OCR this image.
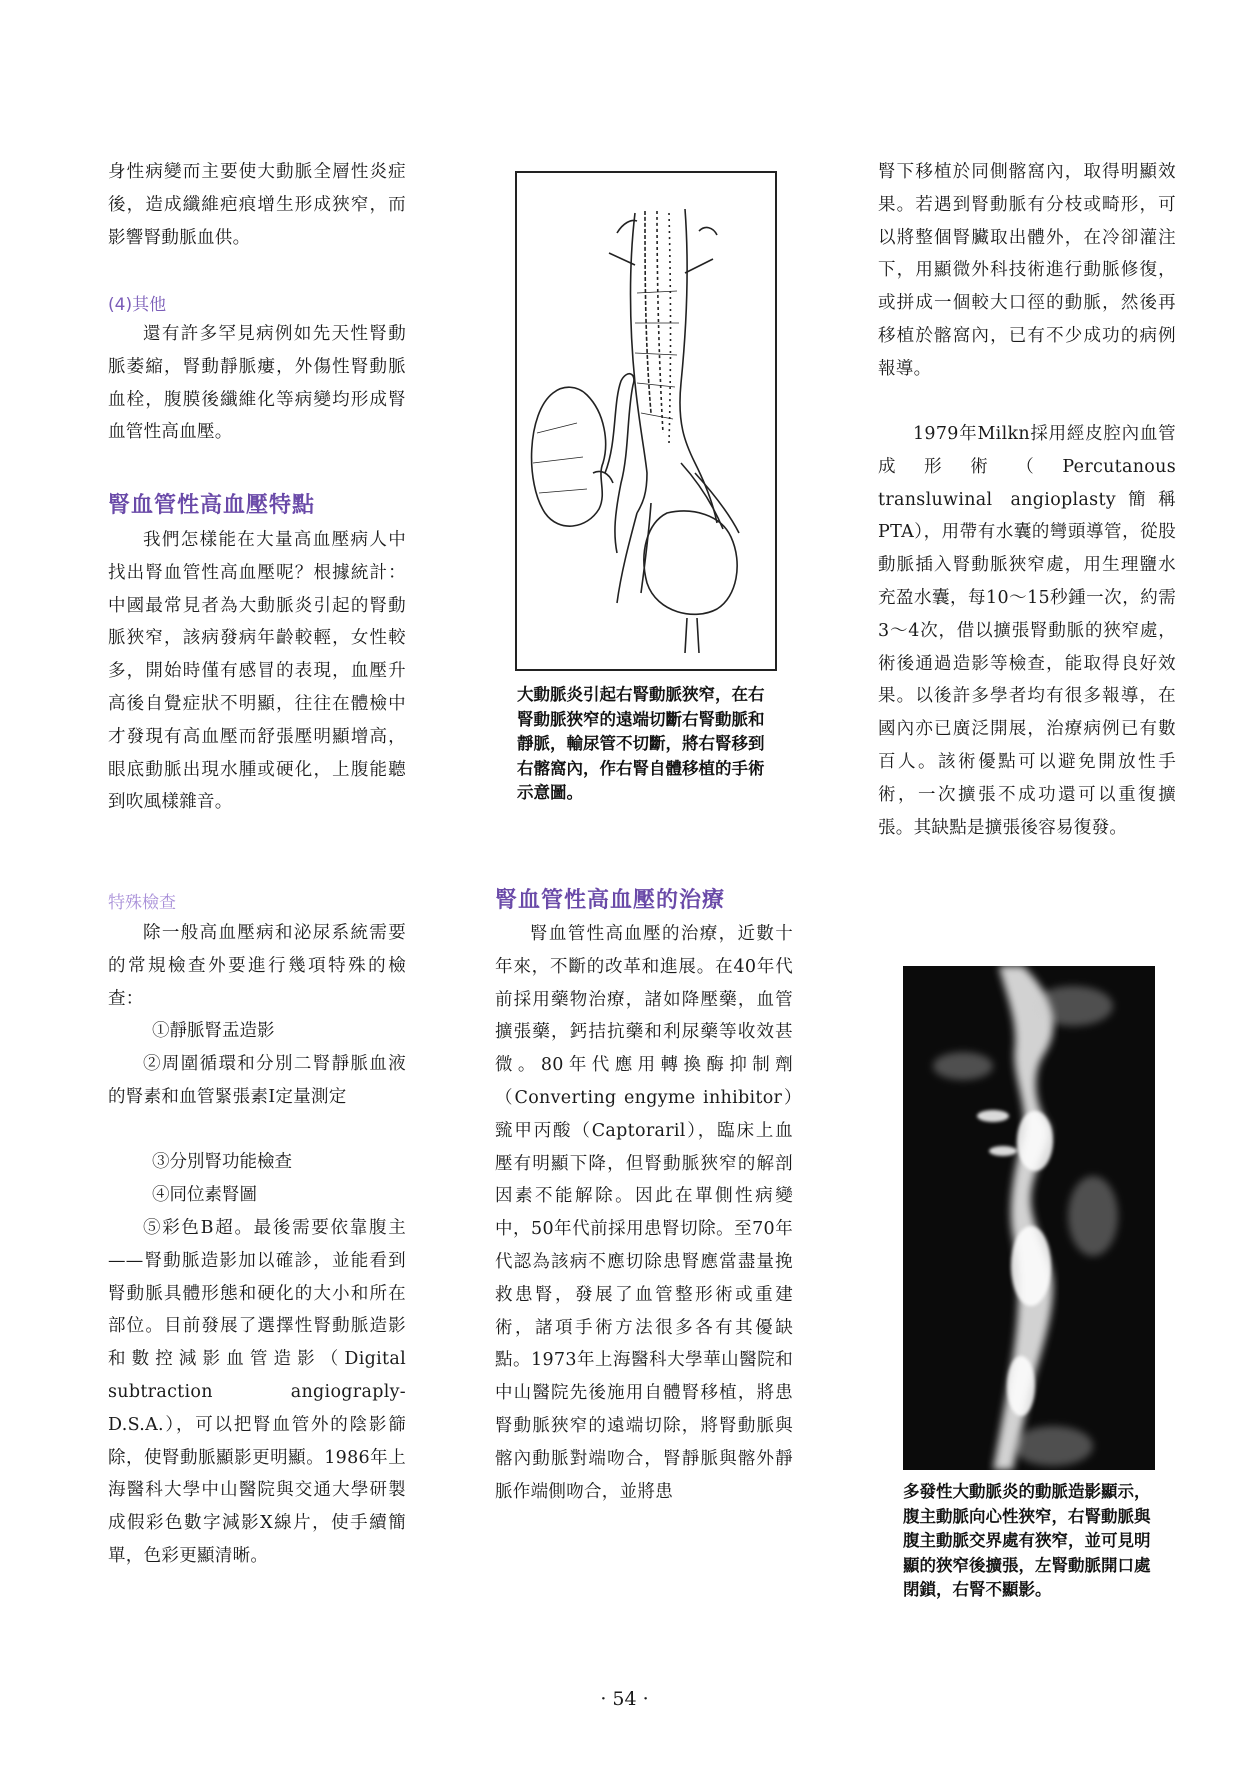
身性病變而主要使大動脈全層性炎症後，造成纖維疤痕增生形成狹窄，而影響腎動脈血供。

(4)其他

還有許多罕見病例如先天性腎動脈萎縮，腎動靜脈瘻，外傷性腎動脈血栓，腹膜後纖維化等病變均形成腎血管性高血壓。

腎血管性高血壓特點

我們怎樣能在大量高血壓病人中找出腎血管性高血壓呢？根據統計：中國最常見者為大動脈炎引起的腎動脈狹窄，該病發病年齡較輕，女性較多，開始時僅有感冒的表現，血壓升高後自覺症狀不明顯，往往在體檢中才發現有高血壓而舒張壓明顯增高，眼底動脈出現水腫或硬化，上腹能聽到吹風樣雜音。

特殊檢查

除一般高血壓病和泌尿系統需要的常規檢查外要進行幾項特殊的檢查：

①靜脈腎盂造影

②周圍循環和分別二腎靜脈血液的腎素和血管緊張素Ⅰ定量測定

③分別腎功能檢查
④同位素腎圖

⑤彩色B超。最後需要依靠腹主——腎動脈造影加以確診，並能看到腎動脈具體形態和硬化的大小和所在部位。目前發展了選擇性腎動脈造影和數控減影血管造影（Digital subtraction angiograply-D.S.A.），可以把腎血管外的陰影篩除，使腎動脈顯影更明顯。1986年上海醫科大學中山醫院與交通大學研製成假彩色數字減影X線片，使手續簡單，色彩更顯清晰。

大動脈炎引起右腎動脈狹窄，在右腎動脈狹窄的遠端切斷右腎動脈和靜脈，輸尿管不切斷，將右腎移到右髂窩內，作右腎自體移植的手術示意圖。
腎血管性高血壓的治療

腎血管性高血壓的治療，近數十年來，不斷的改革和進展。在40年代前採用藥物治療，諸如降壓藥，血管擴張藥，鈣拮抗藥和利尿藥等收效甚微。80年代應用轉換酶抑制劑（Converting engyme inhibitor）巰甲丙酸（Captoraril），臨床上血壓有明顯下降，但腎動脈狹窄的解剖因素不能解除。因此在單側性病變中，50年代前採用患腎切除。至70年代認為該病不應切除患腎應當盡量挽救患腎，發展了血管整形術或重建術，諸項手術方法很多各有其優缺點。1973年上海醫科大學華山醫院和中山醫院先後施用自體腎移植，將患腎動脈狹窄的遠端切除，將腎動脈與髂內動脈對端吻合，腎靜脈與髂外靜脈作端側吻合，並將患

腎下移植於同側髂窩內，取得明顯效果。若遇到腎動脈有分枝或畸形，可以將整個腎臟取出體外，在冷卻灌注下，用顯微外科技術進行動脈修復，或拼成一個較大口徑的動脈，然後再移植於髂窩內，已有不少成功的病例報導。

1979年Milkn採用經皮腔內血管成形術（Percutanous transluwinal angioplasty簡稱PTA），用帶有水囊的彎頭導管，從股動脈插入腎動脈狹窄處，用生理鹽水充盈水囊，每10～15秒鍾一次，約需3～4次，借以擴張腎動脈的狹窄處，術後通過造影等檢查，能取得良好效果。以後許多學者均有很多報導，在國內亦已廣泛開展，治療病例已有數百人。該術優點可以避免開放性手術，一次擴張不成功還可以重復擴張。其缺點是擴張後容易復發。

多發性大動脈炎的動脈造影顯示，腹主動脈向心性狹窄，右腎動脈與腹主動脈交界處有狹窄，並可見明顯的狹窄後擴張，左腎動脈開口處閉鎖，右腎不顯影。
· 54 ·
